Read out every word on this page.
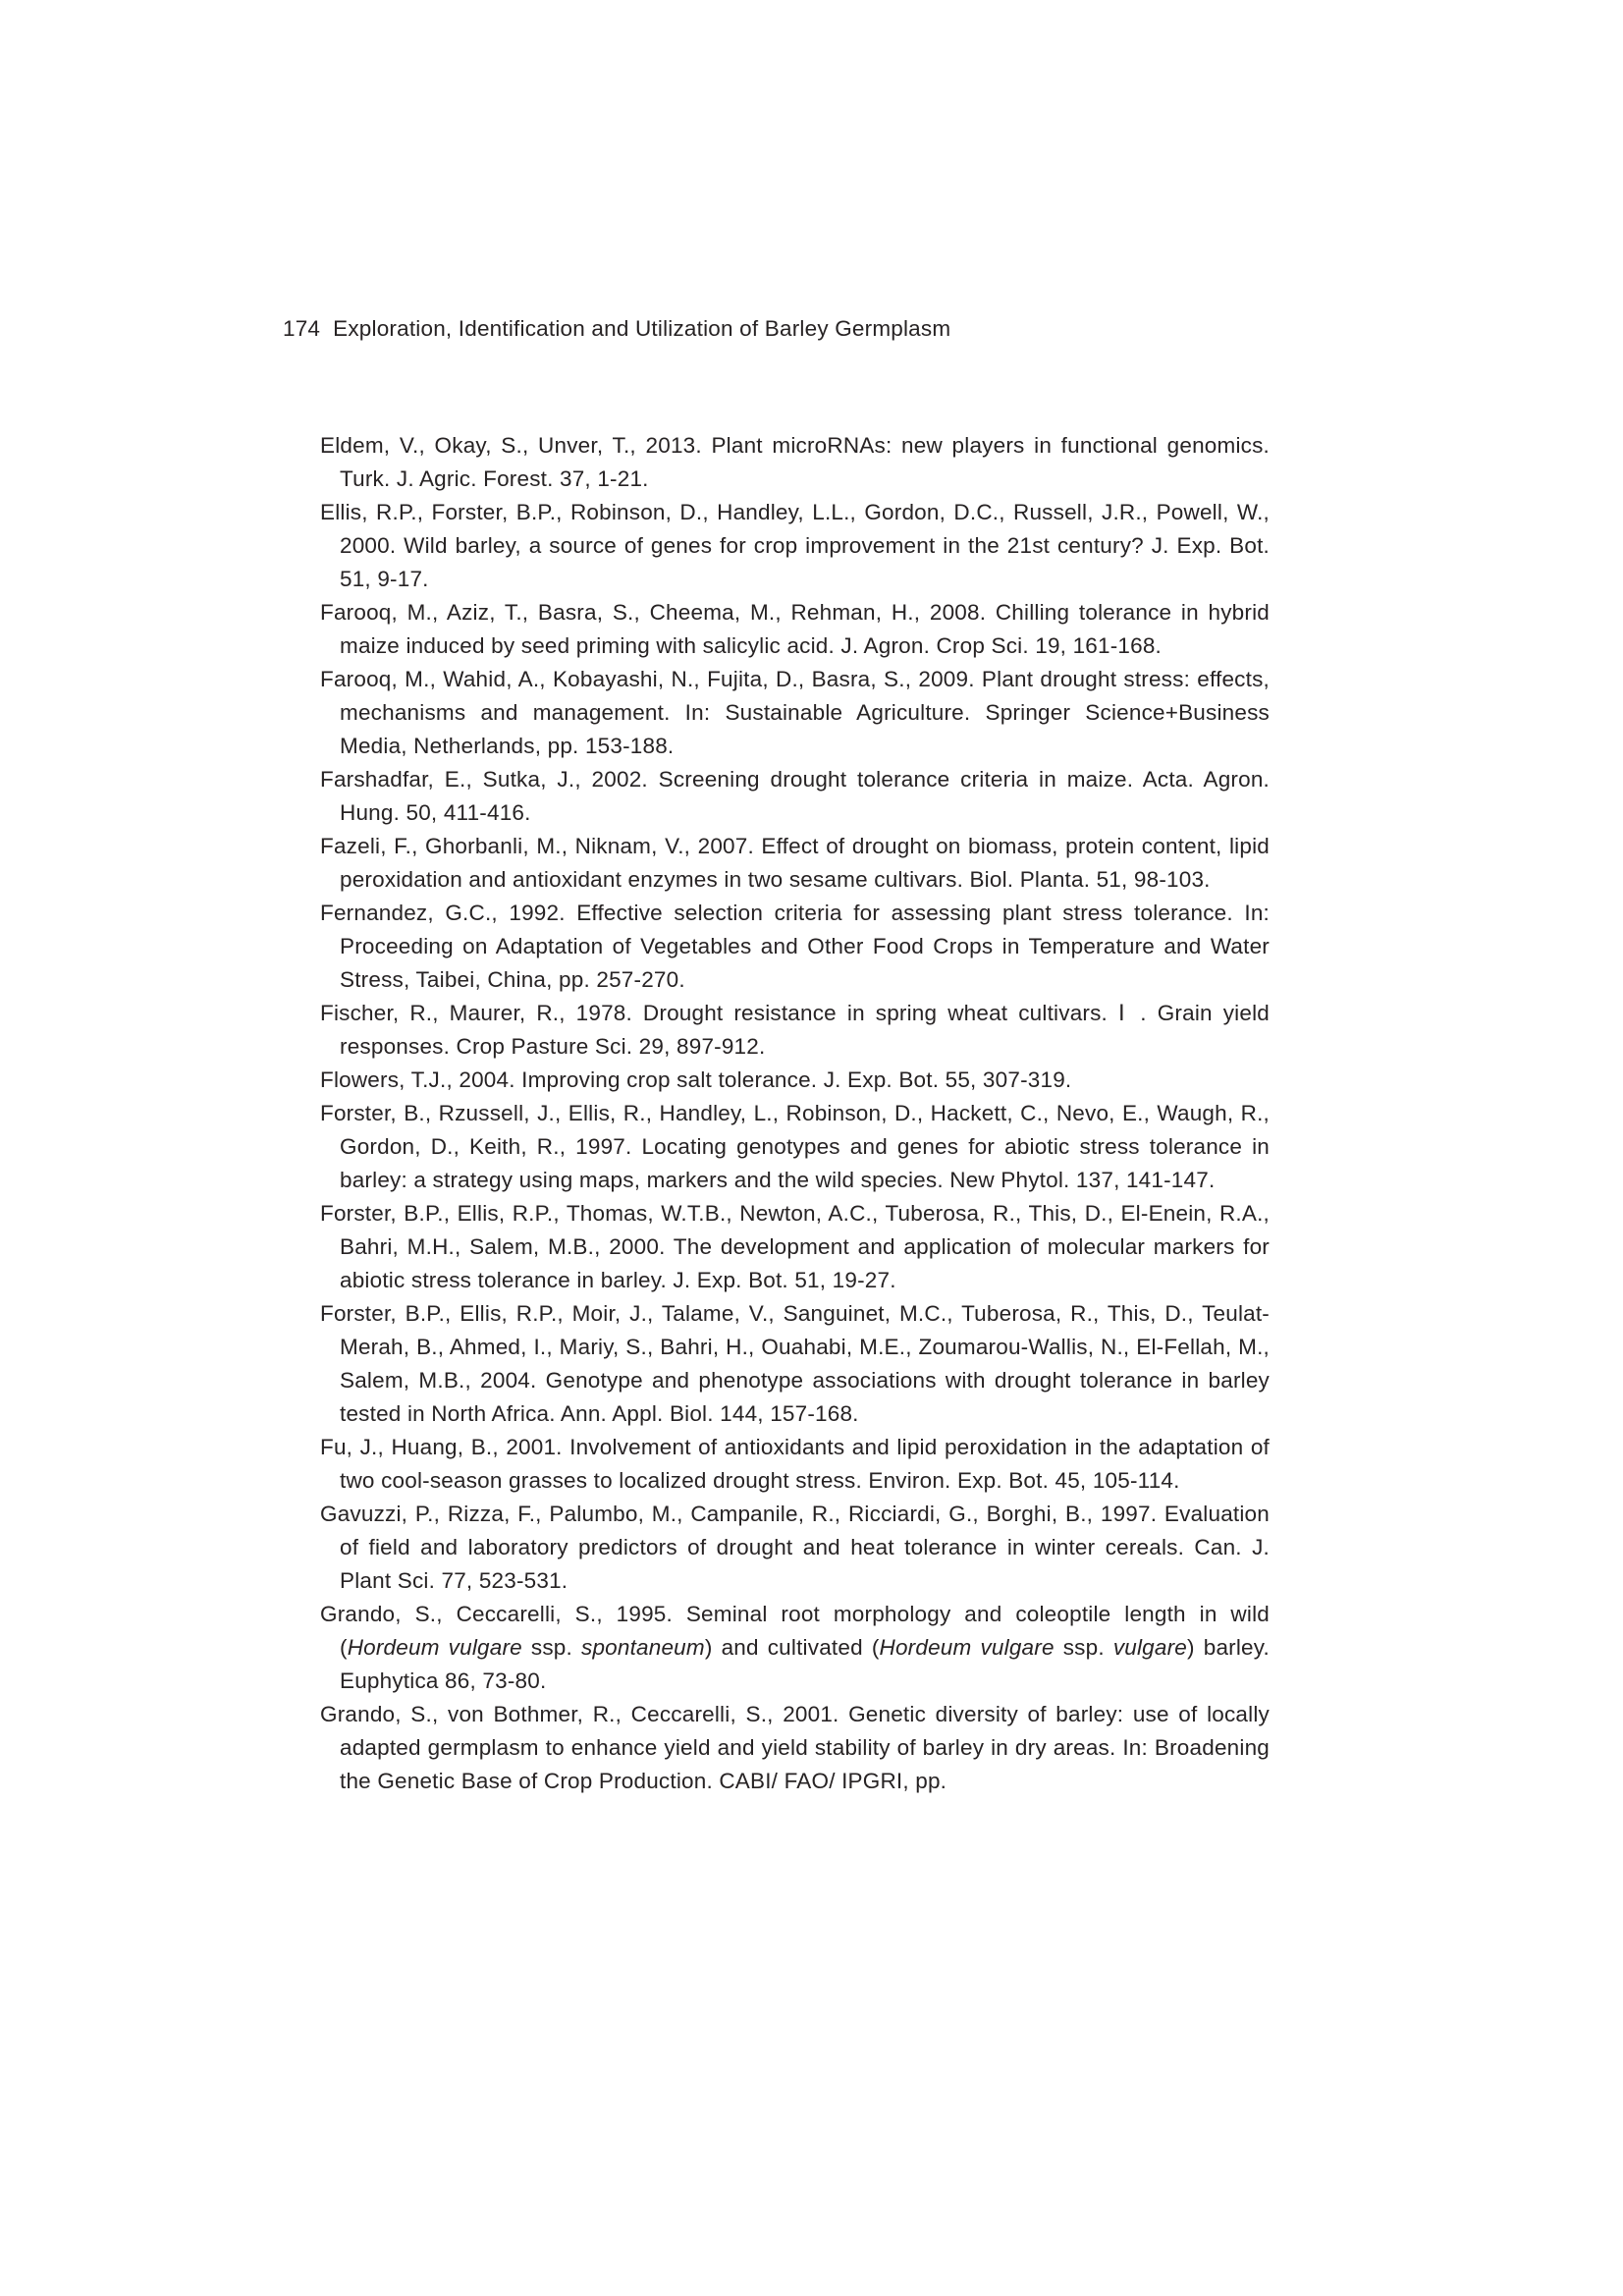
174 Exploration, Identification and Utilization of Barley Germplasm

Eldem, V., Okay, S., Unver, T., 2013. Plant microRNAs: new players in functional genomics. Turk. J. Agric. Forest. 37, 1-21.

Ellis, R.P., Forster, B.P., Robinson, D., Handley, L.L., Gordon, D.C., Russell, J.R., Powell, W., 2000. Wild barley, a source of genes for crop improvement in the 21st century? J. Exp. Bot. 51, 9-17.

Farooq, M., Aziz, T., Basra, S., Cheema, M., Rehman, H., 2008. Chilling tolerance in hybrid maize induced by seed priming with salicylic acid. J. Agron. Crop Sci. 19, 161-168.

Farooq, M., Wahid, A., Kobayashi, N., Fujita, D., Basra, S., 2009. Plant drought stress: effects, mechanisms and management. In: Sustainable Agriculture. Springer Science+Business Media, Netherlands, pp. 153-188.

Farshadfar, E., Sutka, J., 2002. Screening drought tolerance criteria in maize. Acta. Agron. Hung. 50, 411-416.

Fazeli, F., Ghorbanli, M., Niknam, V., 2007. Effect of drought on biomass, protein content, lipid peroxidation and antioxidant enzymes in two sesame cultivars. Biol. Planta. 51, 98-103.

Fernandez, G.C., 1992. Effective selection criteria for assessing plant stress tolerance. In: Proceeding on Adaptation of Vegetables and Other Food Crops in Temperature and Water Stress, Taibei, China, pp. 257-270.

Fischer, R., Maurer, R., 1978. Drought resistance in spring wheat cultivars. Ⅰ . Grain yield responses. Crop Pasture Sci. 29, 897-912.

Flowers, T.J., 2004. Improving crop salt tolerance. J. Exp. Bot. 55, 307-319.

Forster, B., Rzussell, J., Ellis, R., Handley, L., Robinson, D., Hackett, C., Nevo, E., Waugh, R., Gordon, D., Keith, R., 1997. Locating genotypes and genes for abiotic stress tolerance in barley: a strategy using maps, markers and the wild species. New Phytol. 137, 141-147.

Forster, B.P., Ellis, R.P., Thomas, W.T.B., Newton, A.C., Tuberosa, R., This, D., El-Enein, R.A., Bahri, M.H., Salem, M.B., 2000. The development and application of molecular markers for abiotic stress tolerance in barley. J. Exp. Bot. 51, 19-27.

Forster, B.P., Ellis, R.P., Moir, J., Talame, V., Sanguinet, M.C., Tuberosa, R., This, D., Teulat-Merah, B., Ahmed, I., Mariy, S., Bahri, H., Ouahabi, M.E., Zoumarou-Wallis, N., El-Fellah, M., Salem, M.B., 2004. Genotype and phenotype associations with drought tolerance in barley tested in North Africa. Ann. Appl. Biol. 144, 157-168.

Fu, J., Huang, B., 2001. Involvement of antioxidants and lipid peroxidation in the adaptation of two cool-season grasses to localized drought stress. Environ. Exp. Bot. 45, 105-114.

Gavuzzi, P., Rizza, F., Palumbo, M., Campanile, R., Ricciardi, G., Borghi, B., 1997. Evaluation of field and laboratory predictors of drought and heat tolerance in winter cereals. Can. J. Plant Sci. 77, 523-531.

Grando, S., Ceccarelli, S., 1995. Seminal root morphology and coleoptile length in wild (Hordeum vulgare ssp. spontaneum) and cultivated (Hordeum vulgare ssp. vulgare) barley. Euphytica 86, 73-80.

Grando, S., von Bothmer, R., Ceccarelli, S., 2001. Genetic diversity of barley: use of locally adapted germplasm to enhance yield and yield stability of barley in dry areas. In: Broadening the Genetic Base of Crop Production. CABI/ FAO/ IPGRI, pp.
